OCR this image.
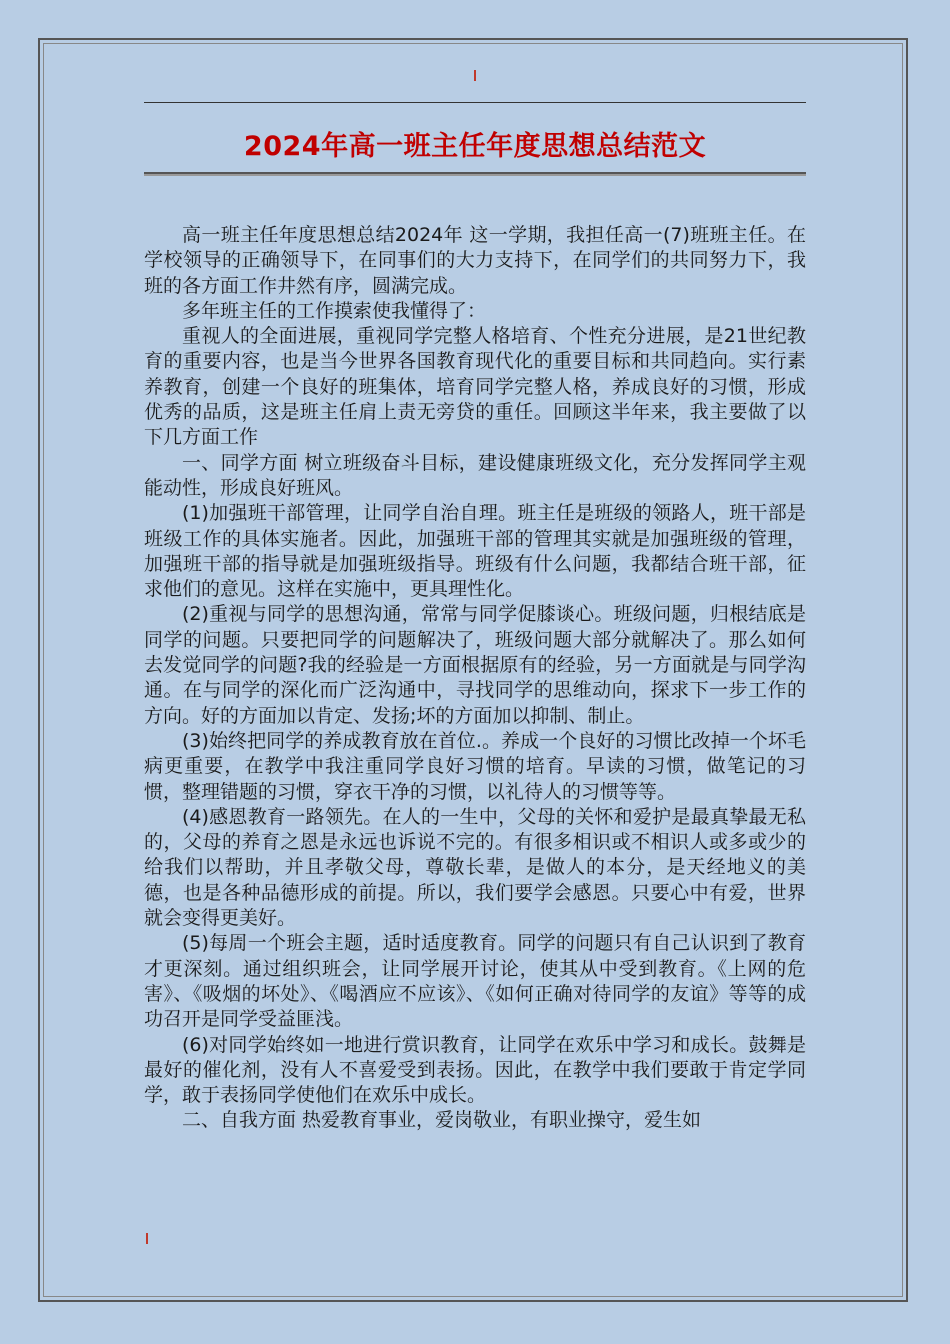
2024年高一班主任年度思想总结范文

高一班主任年度思想总结2024年 这一学期，我担任高一(7)班班主任。在学校领导的正确领导下，在同事们的大力支持下，在同学们的共同努力下，我班的各方面工作井然有序，圆满完成。

多年班主任的工作摸索使我懂得了：

重视人的全面进展，重视同学完整人格培育、个性充分进展，是21世纪教育的重要内容，也是当今世界各国教育现代化的重要目标和共同趋向。实行素养教育，创建一个良好的班集体，培育同学完整人格，养成良好的习惯，形成优秀的品质，这是班主任肩上责无旁贷的重任。回顾这半年来，我主要做了以下几方面工作

一、同学方面 树立班级奋斗目标，建设健康班级文化，充分发挥同学主观能动性，形成良好班风。

(1)加强班干部管理，让同学自治自理。班主任是班级的领路人，班干部是班级工作的具体实施者。因此，加强班干部的管理其实就是加强班级的管理，加强班干部的指导就是加强班级指导。班级有什么问题，我都结合班干部，征求他们的意见。这样在实施中，更具理性化。

(2)重视与同学的思想沟通，常常与同学促膝谈心。班级问题，归根结底是同学的问题。只要把同学的问题解决了，班级问题大部分就解决了。那么如何去发觉同学的问题?我的经验是一方面根据原有的经验，另一方面就是与同学沟通。在与同学的深化而广泛沟通中，寻找同学的思维动向，探求下一步工作的方向。好的方面加以肯定、发扬;坏的方面加以抑制、制止。

(3)始终把同学的养成教育放在首位.。养成一个良好的习惯比改掉一个坏毛病更重要，在教学中我注重同学良好习惯的培育。早读的习惯，做笔记的习惯，整理错题的习惯，穿衣干净的习惯，以礼待人的习惯等等。

(4)感恩教育一路领先。在人的一生中，父母的关怀和爱护是最真挚最无私的，父母的养育之恩是永远也诉说不完的。有很多相识或不相识人或多或少的给我们以帮助，并且孝敬父母，尊敬长辈，是做人的本分，是天经地义的美德，也是各种品德形成的前提。所以，我们要学会感恩。只要心中有爱，世界就会变得更美好。

(5)每周一个班会主题，适时适度教育。同学的问题只有自己认识到了教育才更深刻。通过组织班会，让同学展开讨论，使其从中受到教育。《上网的危害》、《吸烟的坏处》、《喝酒应不应该》、《如何正确对待同学的友谊》等等的成功召开是同学受益匪浅。

(6)对同学始终如一地进行赏识教育，让同学在欢乐中学习和成长。鼓舞是最好的催化剂，没有人不喜爱受到表扬。因此，在教学中我们要敢于肯定学同学，敢于表扬同学使他们在欢乐中成长。

二、自我方面 热爱教育事业，爱岗敬业，有职业操守，爱生如
